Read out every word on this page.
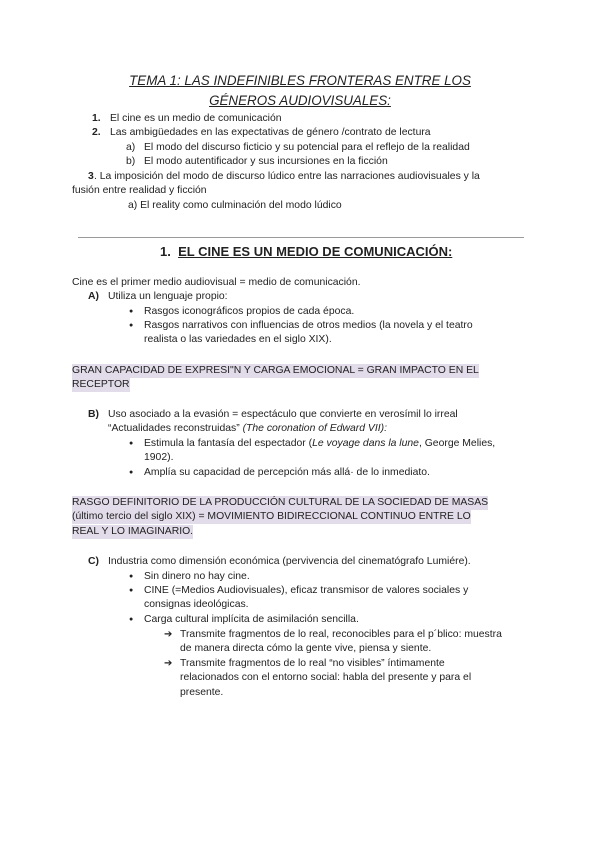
TEMA 1: LAS INDEFINIBLES FRONTERAS ENTRE LOS
GÉNEROS AUDIOVISUALES:
1. El cine es un medio de comunicación
2. Las ambigüedades en las expectativas de género /contrato de lectura
a) El modo del discurso ficticio y su potencial para el reflejo de la realidad
b) El modo autentificador y sus incursiones en la ficción
3 . La imposición del modo de discurso lúdico entre las narraciones audiovisuales y la
fusión entre realidad y ficción
a) El reality como culminación del modo lúdico
1. EL CINE ES UN MEDIO DE COMUNICACIÓN:
Cine es el primer medio audiovisual = medio de comunicación.
A) Utiliza un lenguaje propio:
● Rasgos iconográficos propios de cada época.
● Rasgos narrativos con influencias de otros medios (la novela y el teatro
realista o las variedades en el siglo XIX).
GRAN CAPACIDAD DE EXPRESI"N Y CARGA EMOCIONAL = GRAN IMPACTO EN EL
RECEPTOR
B) Uso asociado a la evasión = espectáculo que convierte en verosímil lo irreal
“Actualidades reconstruidas” (The coronation of Edward VII):
● Estimula la fantasía del espectador (Le voyage dans la lune, George Melies,
1902).
● Amplía su capacidad de percepción más allá· de lo inmediato.
RASGO DEFINITORIO DE LA PRODUCCIÓN CULTURAL DE LA SOCIEDAD DE MASAS
(último tercio del siglo XIX) = MOVIMIENTO BIDIRECCIONAL CONTINUO ENTRE LO
REAL Y LO IMAGINARIO.
C) Industria como dimensión económica (pervivencia del cinematógrafo Lumiére).
● Sin dinero no hay cine.
● CINE (=Medios Audiovisuales), eficaz transmisor de valores sociales y
consignas ideológicas.
● Carga cultural implícita de asimilación sencilla.
➔ Transmite fragmentos de lo real, reconocibles para el p´blico: muestra
de manera directa cómo la gente vive, piensa y siente.
➔ Transmite fragmentos de lo real “no visibles” íntimamente
relacionados con el entorno social: habla del presente y para el
presente.
